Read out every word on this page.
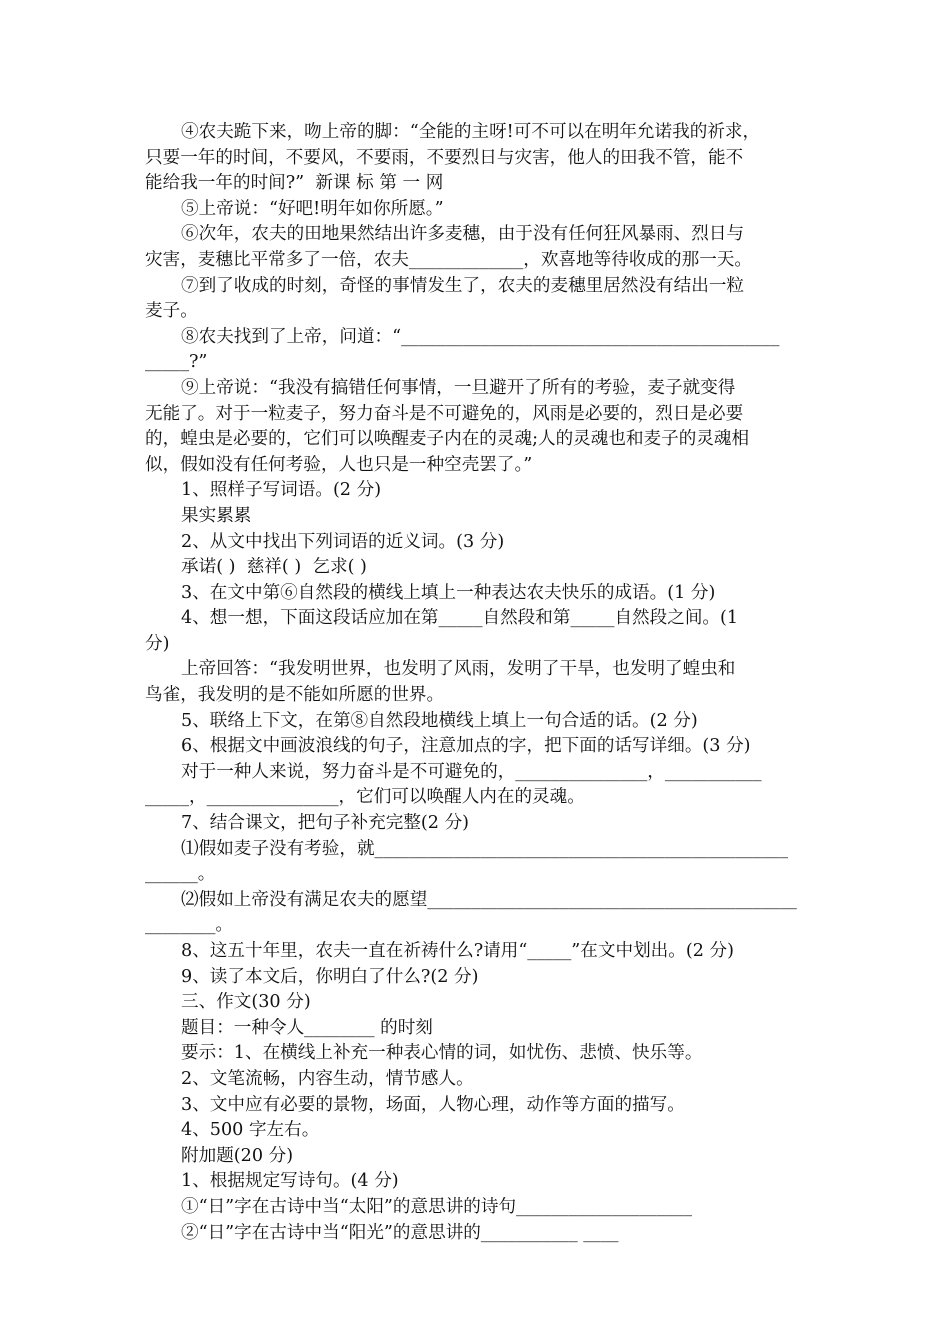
④农夫跪下来，吻上帝的脚：“全能的主呀!可不可以在明年允诺我的祈求，
只要一年的时间，不要风，不要雨，不要烈日与灾害，他人的田我不管，能不
能给我一年的时间?”  新课 标 第 一 网
⑤上帝说：“好吧!明年如你所愿。”
⑥次年，农夫的田地果然结出许多麦穗，由于没有任何狂风暴雨、烈日与
灾害，麦穗比平常多了一倍，农夫_____________，欢喜地等待收成的那一天。
⑦到了收成的时刻，奇怪的事情发生了，农夫的麦穗里居然没有结出一粒
麦子。
⑧农夫找到了上帝，问道：“___________________________________________
_____?”
⑨上帝说：“我没有搞错任何事情，一旦避开了所有的考验，麦子就变得
无能了。对于一粒麦子，努力奋斗是不可避免的，风雨是必要的，烈日是必要
的，蝗虫是必要的，它们可以唤醒麦子内在的灵魂;人的灵魂也和麦子的灵魂相
似，假如没有任何考验，人也只是一种空壳罢了。”
1、照样子写词语。(2 分)
果实累累
2、从文中找出下列词语的近义词。(3 分)
承诺( )  慈祥( )  乞求( )
3、在文中第⑥自然段的横线上填上一种表达农夫快乐的成语。(1 分)
4、想一想，下面这段话应加在第_____自然段和第_____自然段之间。(1
分)
上帝回答：“我发明世界，也发明了风雨，发明了干旱，也发明了蝗虫和
鸟雀，我发明的是不能如所愿的世界。
5、联络上下文，在第⑧自然段地横线上填上一句合适的话。(2 分)
6、根据文中画波浪线的句子，注意加点的字，把下面的话写详细。(3 分)
对于一种人来说，努力奋斗是不可避免的，_______________，___________
_____，_______________，它们可以唤醒人内在的灵魂。
7、结合课文，把句子补充完整(2 分)
⑴假如麦子没有考验，就_______________________________________________
______。
⑵假如上帝没有满足农夫的愿望__________________________________________
________。
8、这五十年里，农夫一直在祈祷什么?请用“_____”在文中划出。(2 分)
9、读了本文后，你明白了什么?(2 分)
三、作文(30 分)
题目：一种令人________ 的时刻
要示：1、在横线上补充一种表心情的词，如忧伤、悲愤、快乐等。
2、文笔流畅，内容生动，情节感人。
3、文中应有必要的景物，场面，人物心理，动作等方面的描写。
4、500 字左右。
附加题(20 分)
1、根据规定写诗句。(4 分)
①“日”字在古诗中当“太阳”的意思讲的诗句____________________
②“日”字在古诗中当“阳光”的意思讲的___________ ____
